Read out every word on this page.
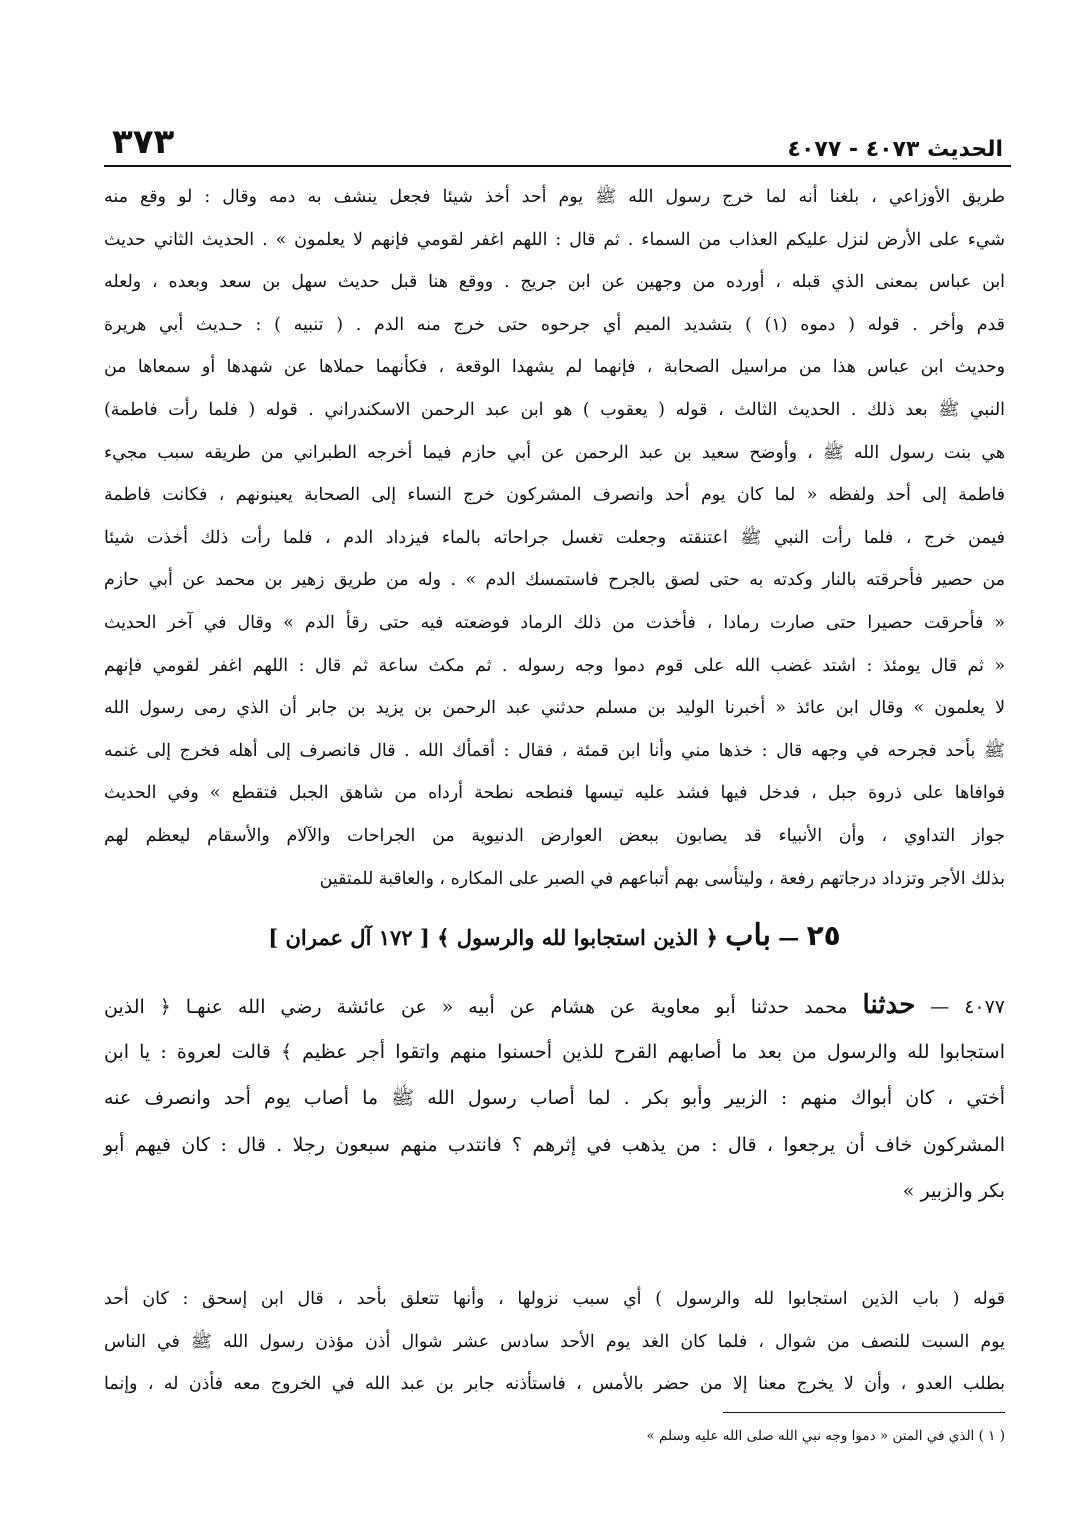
الحديث ٤٠٧٣ - ٤٠٧٧
٣٧٣
طريق الأوزاعي ، بلغنا أنه لما خرج رسول الله ﷺ يوم أحد أخذ شيئا فجعل ينشف به دمه وقال : لو وقع منه
شيء على الأرض لنزل عليكم العذاب من السماء . ثم قال : اللهم اغفر لقومي فإنهم لا يعلمون » . الحديث الثاني حديث
ابن عباس بمعنى الذي قبله ، أورده من وجهين عن ابن جريج . ووقع هنا قبل حديث سهل بن سعد وبعده ، ولعله
قدم وأخر . قوله ( دموه (١) ) بتشديد الميم أي جرحوه حتى خرج منه الدم . ( تنبيه ) : حـديث أبي هريرة
وحديث ابن عباس هذا من مراسيل الصحابة ، فإنهما لم يشهدا الوقعة ، فكأنهما حملاها عن شهدها أو سمعاها من
النبي ﷺ بعد ذلك . الحديث الثالث ، قوله ( يعقوب ) هو ابن عبد الرحمن الاسكندراني . قوله ( فلما رأت فاطمة)
هي بنت رسول الله ﷺ ، وأوضح سعيد بن عبد الرحمن عن أبي حازم فيما أخرجه الطبراني من طريقه سبب مجيء
فاطمة إلى أحد ولفظه « لما كان يوم أحد وانصرف المشركون خرج النساء إلى الصحابة يعينونهم ، فكانت فاطمة
فيمن خرج ، فلما رأت النبي ﷺ اعتنقته وجعلت تغسل جراحاته بالماء فيزداد الدم ، فلما رأت ذلك أخذت شيئا
من حصير فأحرقته بالنار وكدته به حتى لصق بالجرح فاستمسك الدم » . وله من طريق زهير بن محمد عن أبي حازم
« فأحرقت حصيرا حتى صارت رمادا ، فأخذت من ذلك الرماد فوضعته فيه حتى رقأ الدم » وقال في آخر الحديث
« ثم قال يومئذ : اشتد غضب الله على قوم دموا وجه رسوله . ثم مكث ساعة ثم قال : اللهم اغفر لقومي فإنهم
لا يعلمون » وقال ابن عائذ « أخبرنا الوليد بن مسلم حدثني عبد الرحمن بن يزيد بن جابر أن الذي رمى رسول الله
ﷺ بأحد فجرحه في وجهه قال : خذها مني وأنا ابن قمئة ، فقال : أقمأك الله . قال فانصرف إلى أهله فخرج إلى غنمه
فوافاها على ذروة جبل ، فدخل فيها فشد عليه تيسها فنطحه نطحة أرداه من شاهق الجبل فتقطع » وفي الحديث
جواز التداوي ، وأن الأنبياء قد يصابون ببعض العوارض الدنيوية من الجراحات والآلام والأسقام ليعظم لهم
بذلك الأجر وتزداد درجاتهم رفعة ، وليتأسى بهم أتباعهم في الصبر على المكاره ، والعاقبة للمتقين
٢٥ — باب ﴿ الذين استجابوا لله والرسول ﴾ [ ١٧٢ آل عمران ]
٤٠٧٧ — حدثنا محمد حدثنا أبو معاوية عن هشام عن أبيه « عن عائشة رضي الله عنهـا ﴿ الذين
استجابوا لله والرسول من بعد ما أصابهم القرح للذين أحسنوا منهم واتقوا أجر عظيم ﴾ قالت لعروة : يا ابن
أختي ، كان أبواك منهم : الزبير وأبو بكر . لما أصاب رسول الله ﷺ ما أصاب يوم أحد وانصرف عنه
المشركون خاف أن يرجعوا ، قال : من يذهب في إثرهم ؟ فانتدب منهم سبعون رجلا . قال : كان فيهم أبو
بكر والزبير »
قوله ( باب الذين استجابوا لله والرسول ) أي سبب نزولها ، وأنها تتعلق بأحد ، قال ابن إسحق : كان أحد
يوم السبت للنصف من شوال ، فلما كان الغد يوم الأحد سادس عشر شوال أذن مؤذن رسول الله ﷺ في الناس
بطلب العدو ، وأن لا يخرج معنا إلا من حضر بالأمس ، فاستأذنه جابر بن عبد الله في الخروج معه فأذن له ، وإنما
( ١ ) الذي في المتن « دموا وجه نبي الله صلى الله عليه وسلم »
